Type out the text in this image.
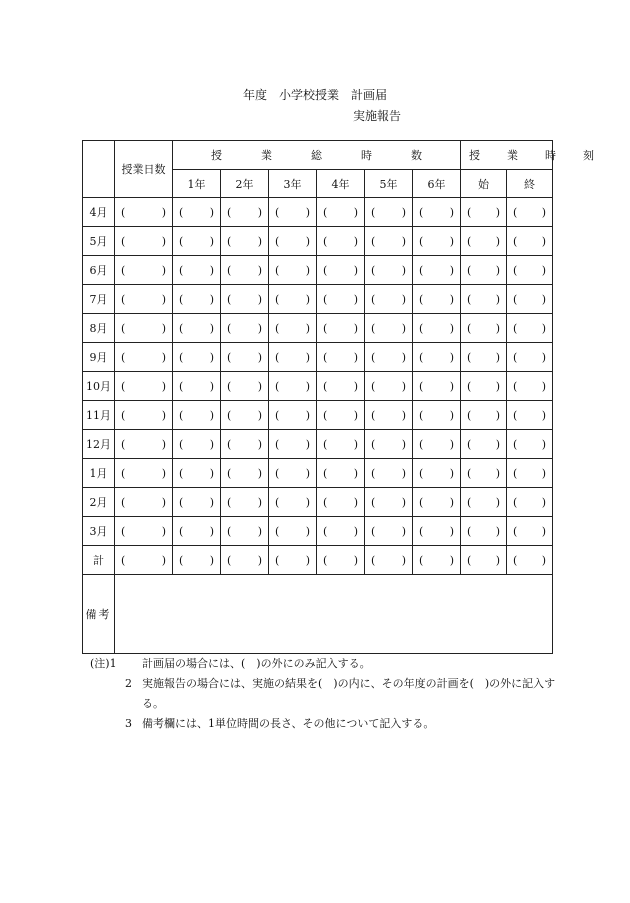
年度　小学校授業　計画届
実施報告
	授業日数	授　業　総　時　数						授　業　時　刻	
		1年	2年	3年	4年	5年	6年	始	終
4月	( )	( )	( )	( )	( )	( )	( )	( )	( )

5月	( )	( )	( )	( )	( )	( )	( )	( )	( )

6月	( )	( )	( )	( )	( )	( )	( )	( )	( )

7月	( )	( )	( )	( )	( )	( )	( )	( )	( )

8月	( )	( )	( )	( )	( )	( )	( )	( )	( )

9月	( )	( )	( )	( )	( )	( )	( )	( )	( )

10月	( )	( )	( )	( )	( )	( )	( )	( )	( )

11月	( )	( )	( )	( )	( )	( )	( )	( )	( )

12月	( )	( )	( )	( )	( )	( )	( )	( )	( )

1月	( )	( )	( )	( )	( )	( )	( )	( )	( )

2月	( )	( )	( )	( )	( )	( )	( )	( )	( )

3月	( )	( )	( )	( )	( )	( )	( )	( )	( )

計	( )	( )	( )	( )	( )	( )	( )	( )	( )

備考									
(注)1	計画届の場合には、(　)の外にのみ記入する。
2 実施報告の場合には、実施の結果を(　)の内に、その年度の計画を(　)の外に記入する。
3 備考欄には、1単位時間の長さ、その他について記入する。
